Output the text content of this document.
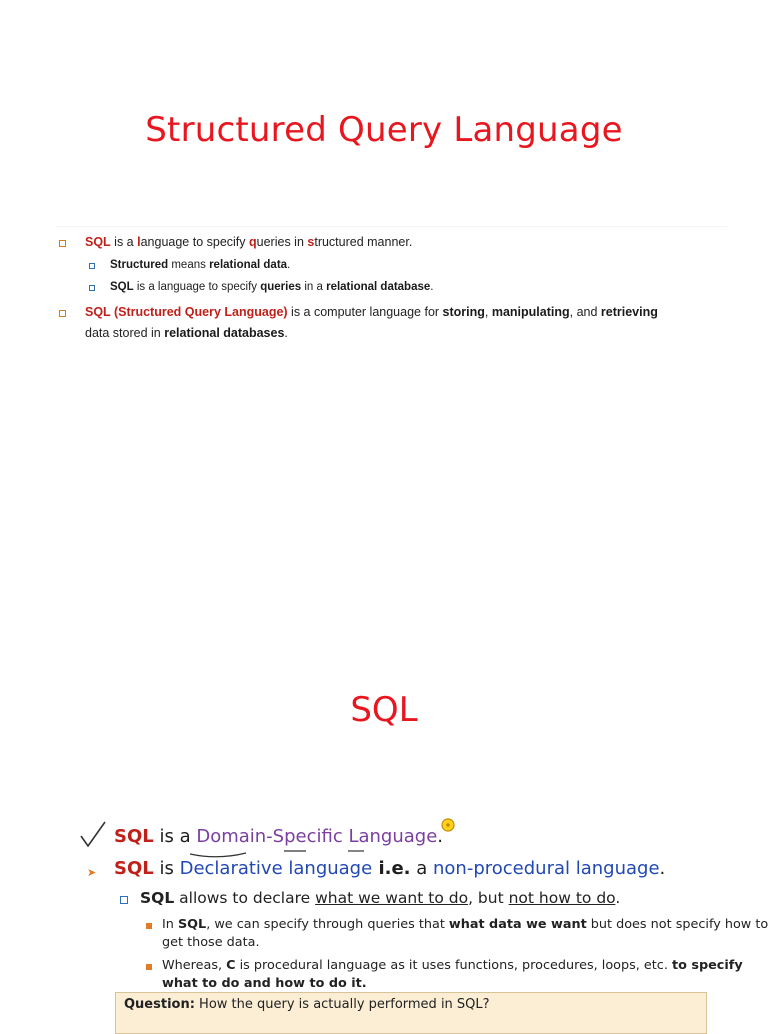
Structured Query Language
SQL is a language to specify queries in structured manner.
Structured means relational data.
SQL is a language to specify queries in a relational database.
SQL (Structured Query Language) is a computer language for storing, manipulating, and retrieving
data stored in relational databases.
SQL
SQL is a Domain-Specific Language.
➤ SQL is Declarative language i.e. a non-procedural language.
SQL allows to declare what we want to do, but not how to do.
In SQL, we can specify through queries that what data we want but does not specify how to
get those data.
Whereas, C is procedural language as it uses functions, procedures, loops, etc. to specify
what to do and how to do it.
Question: How the query is actually performed in SQL?
